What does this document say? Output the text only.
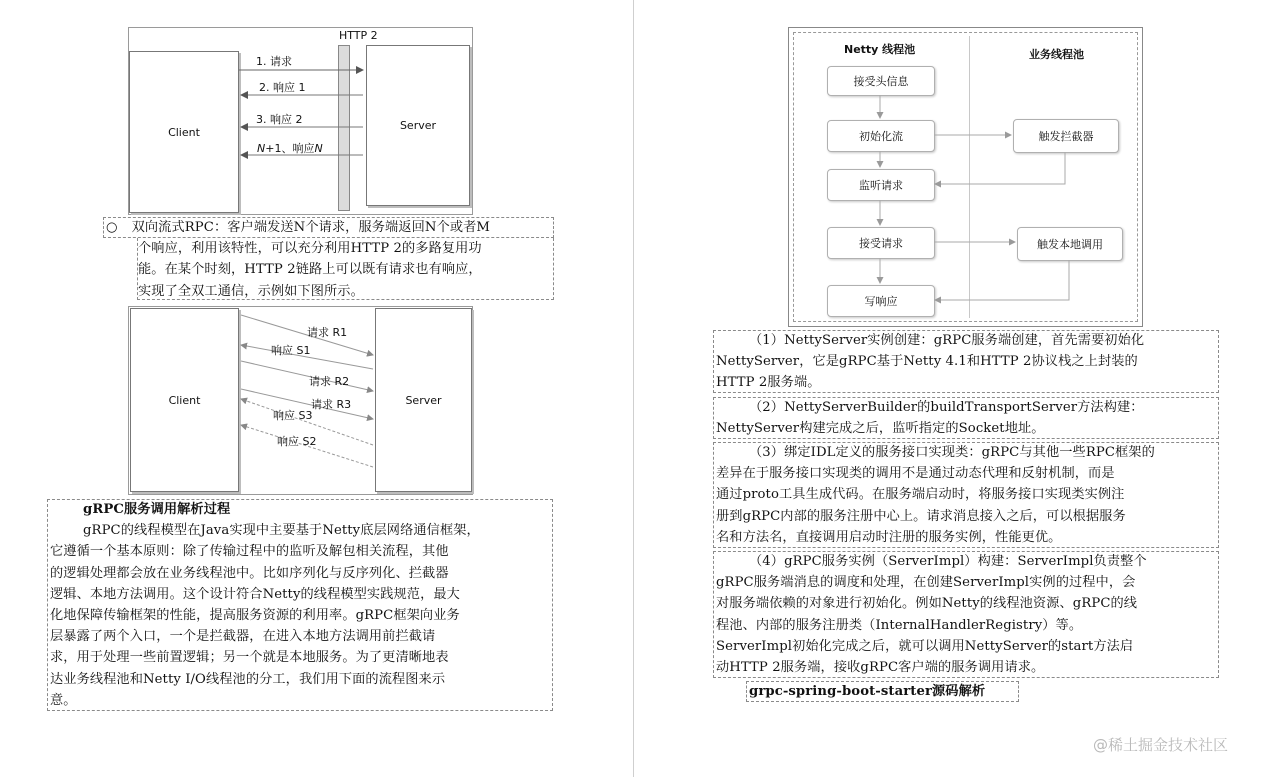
HTTP 2
Client	Server
1. 请求
2. 响应 1
3. 响应 2
N+1、响应N
○ 双向流式RPC：客户端发送N个请求，服务端返回N个或者M
个响应，利用该特性，可以充分利用HTTP 2的多路复用功
能。在某个时刻，HTTP 2链路上可以既有请求也有响应，
实现了全双工通信，示例如下图所示。
Client	Server
请求 R1
响应 S1
请求 R2
请求 R3
响应 S3
响应 S2
gRPC服务调用解析过程
gRPC的线程模型在Java实现中主要基于Netty底层网络通信框架，
它遵循一个基本原则：除了传输过程中的监听及解包相关流程，其他
的逻辑处理都会放在业务线程池中。比如序列化与反序列化、拦截器
逻辑、本地方法调用。这个设计符合Netty的线程模型实践规范，最大
化地保障传输框架的性能，提高服务资源的利用率。gRPC框架向业务
层暴露了两个入口，一个是拦截器，在进入本地方法调用前拦截请
求，用于处理一些前置逻辑；另一个就是本地服务。为了更清晰地表
达业务线程池和Netty I/O线程池的分工，我们用下面的流程图来示
意。
Netty 线程池	业务线程池
接受头信息
初始化流
监听请求
接受请求
写响应
触发拦截器
触发本地调用
（1）NettyServer实例创建：gRPC服务端创建，首先需要初始化
NettyServer，它是gRPC基于Netty 4.1和HTTP 2协议栈之上封装的
HTTP 2服务端。
（2）NettyServerBuilder的buildTransportServer方法构建：
NettyServer构建完成之后，监听指定的Socket地址。
（3）绑定IDL定义的服务接口实现类：gRPC与其他一些RPC框架的
差异在于服务接口实现类的调用不是通过动态代理和反射机制，而是
通过proto工具生成代码。在服务端启动时，将服务接口实现类实例注
册到gRPC内部的服务注册中心上。请求消息接入之后，可以根据服务
名和方法名，直接调用启动时注册的服务实例，性能更优。
（4）gRPC服务实例（ServerImpl）构建：ServerImpl负责整个
gRPC服务端消息的调度和处理，在创建ServerImpl实例的过程中，会
对服务端依赖的对象进行初始化。例如Netty的线程池资源、gRPC的线
程池、内部的服务注册类（InternalHandlerRegistry）等。
ServerImpl初始化完成之后，就可以调用NettyServer的start方法启
动HTTP 2服务端，接收gRPC客户端的服务调用请求。
grpc-spring-boot-starter源码解析
@稀土掘金技术社区
